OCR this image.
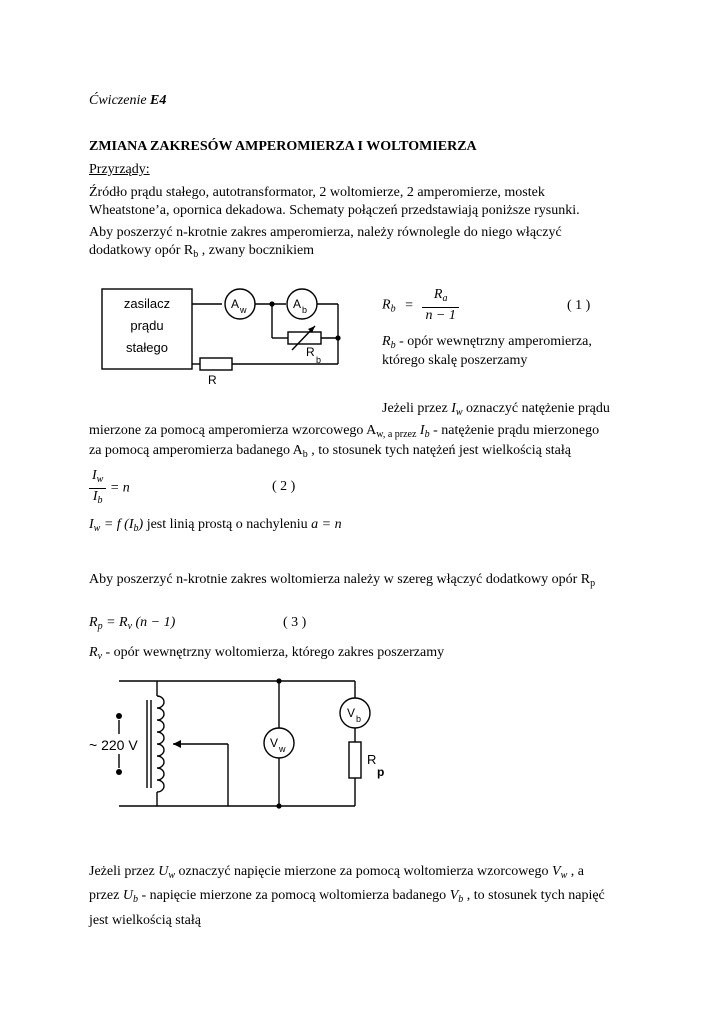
Ćwiczenie E4
ZMIANA ZAKRESÓW AMPEROMIERZA I WOLTOMIERZA
Przyrządy:
Źródło prądu stałego, autotransformator, 2 woltomierze, 2 amperomierze, mostek
Wheatstone’a, opornica dekadowa. Schematy połączeń przedstawiają poniższe rysunki.
Aby poszerzyć n-krotnie zakres amperomierza, należy równolegle do niego włączyć
dodatkowy opór $R_b$ , zwany bocznikiem
zasilacz
prądu
stałego
A w	A b
R
b
R
$R_b = \frac{R_a}{n - 1}$	( 1 )
$R_b$ - opór wewnętrzny amperomierza,
którego skalę poszerzamy
Jeżeli przez $I_w$ oznaczyć natężenie prądu
mierzone za pomocą amperomierza wzorcowego $A_{w, a przez}$ $I_b$ - natężenie prądu mierzonego
za pomocą amperomierza badanego $A_b$ , to stosunek tych natężeń jest wielkością stałą
$\frac{I_w}{I_b} = n$	( 2 )
$I_w = f$ $(I_b)$ jest linią prostą o nachyleniu a = n
Aby poszerzyć n-krotnie zakres woltomierza należy w szereg włączyć dodatkowy opór $R_p$
$R_p = R_v$ (n − 1)	( 3 )
$R_v$ - opór wewnętrzny woltomierza, którego zakres poszerzamy
~ 220 V	V w
V b
R
p
Jeżeli przez $U_w$ oznaczyć napięcie mierzone za pomocą woltomierza wzorcowego $V_w$ , a
przez $U_b$ - napięcie mierzone za pomocą woltomierza badanego $V_b$ , to stosunek tych napięć
jest wielkością stałą
